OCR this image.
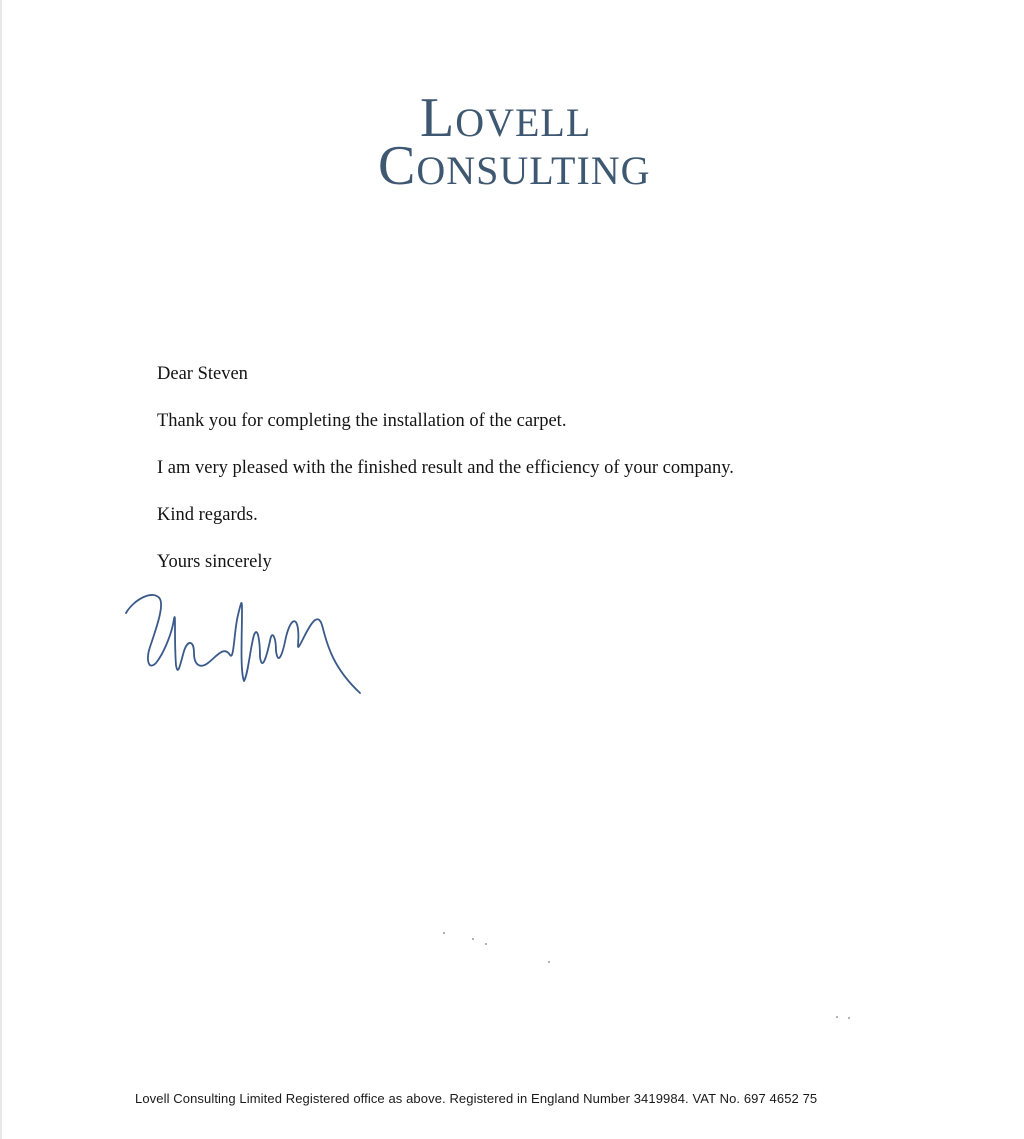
LOVELL
CONSULTING
Dear Steven
Thank you for completing the installation of the carpet.
I am very pleased with the finished result and the efficiency of your company.
Kind regards.
Yours sincerely
Lovell Consulting Limited Registered office as above. Registered in England Number 3419984. VAT No. 697 4652 75
